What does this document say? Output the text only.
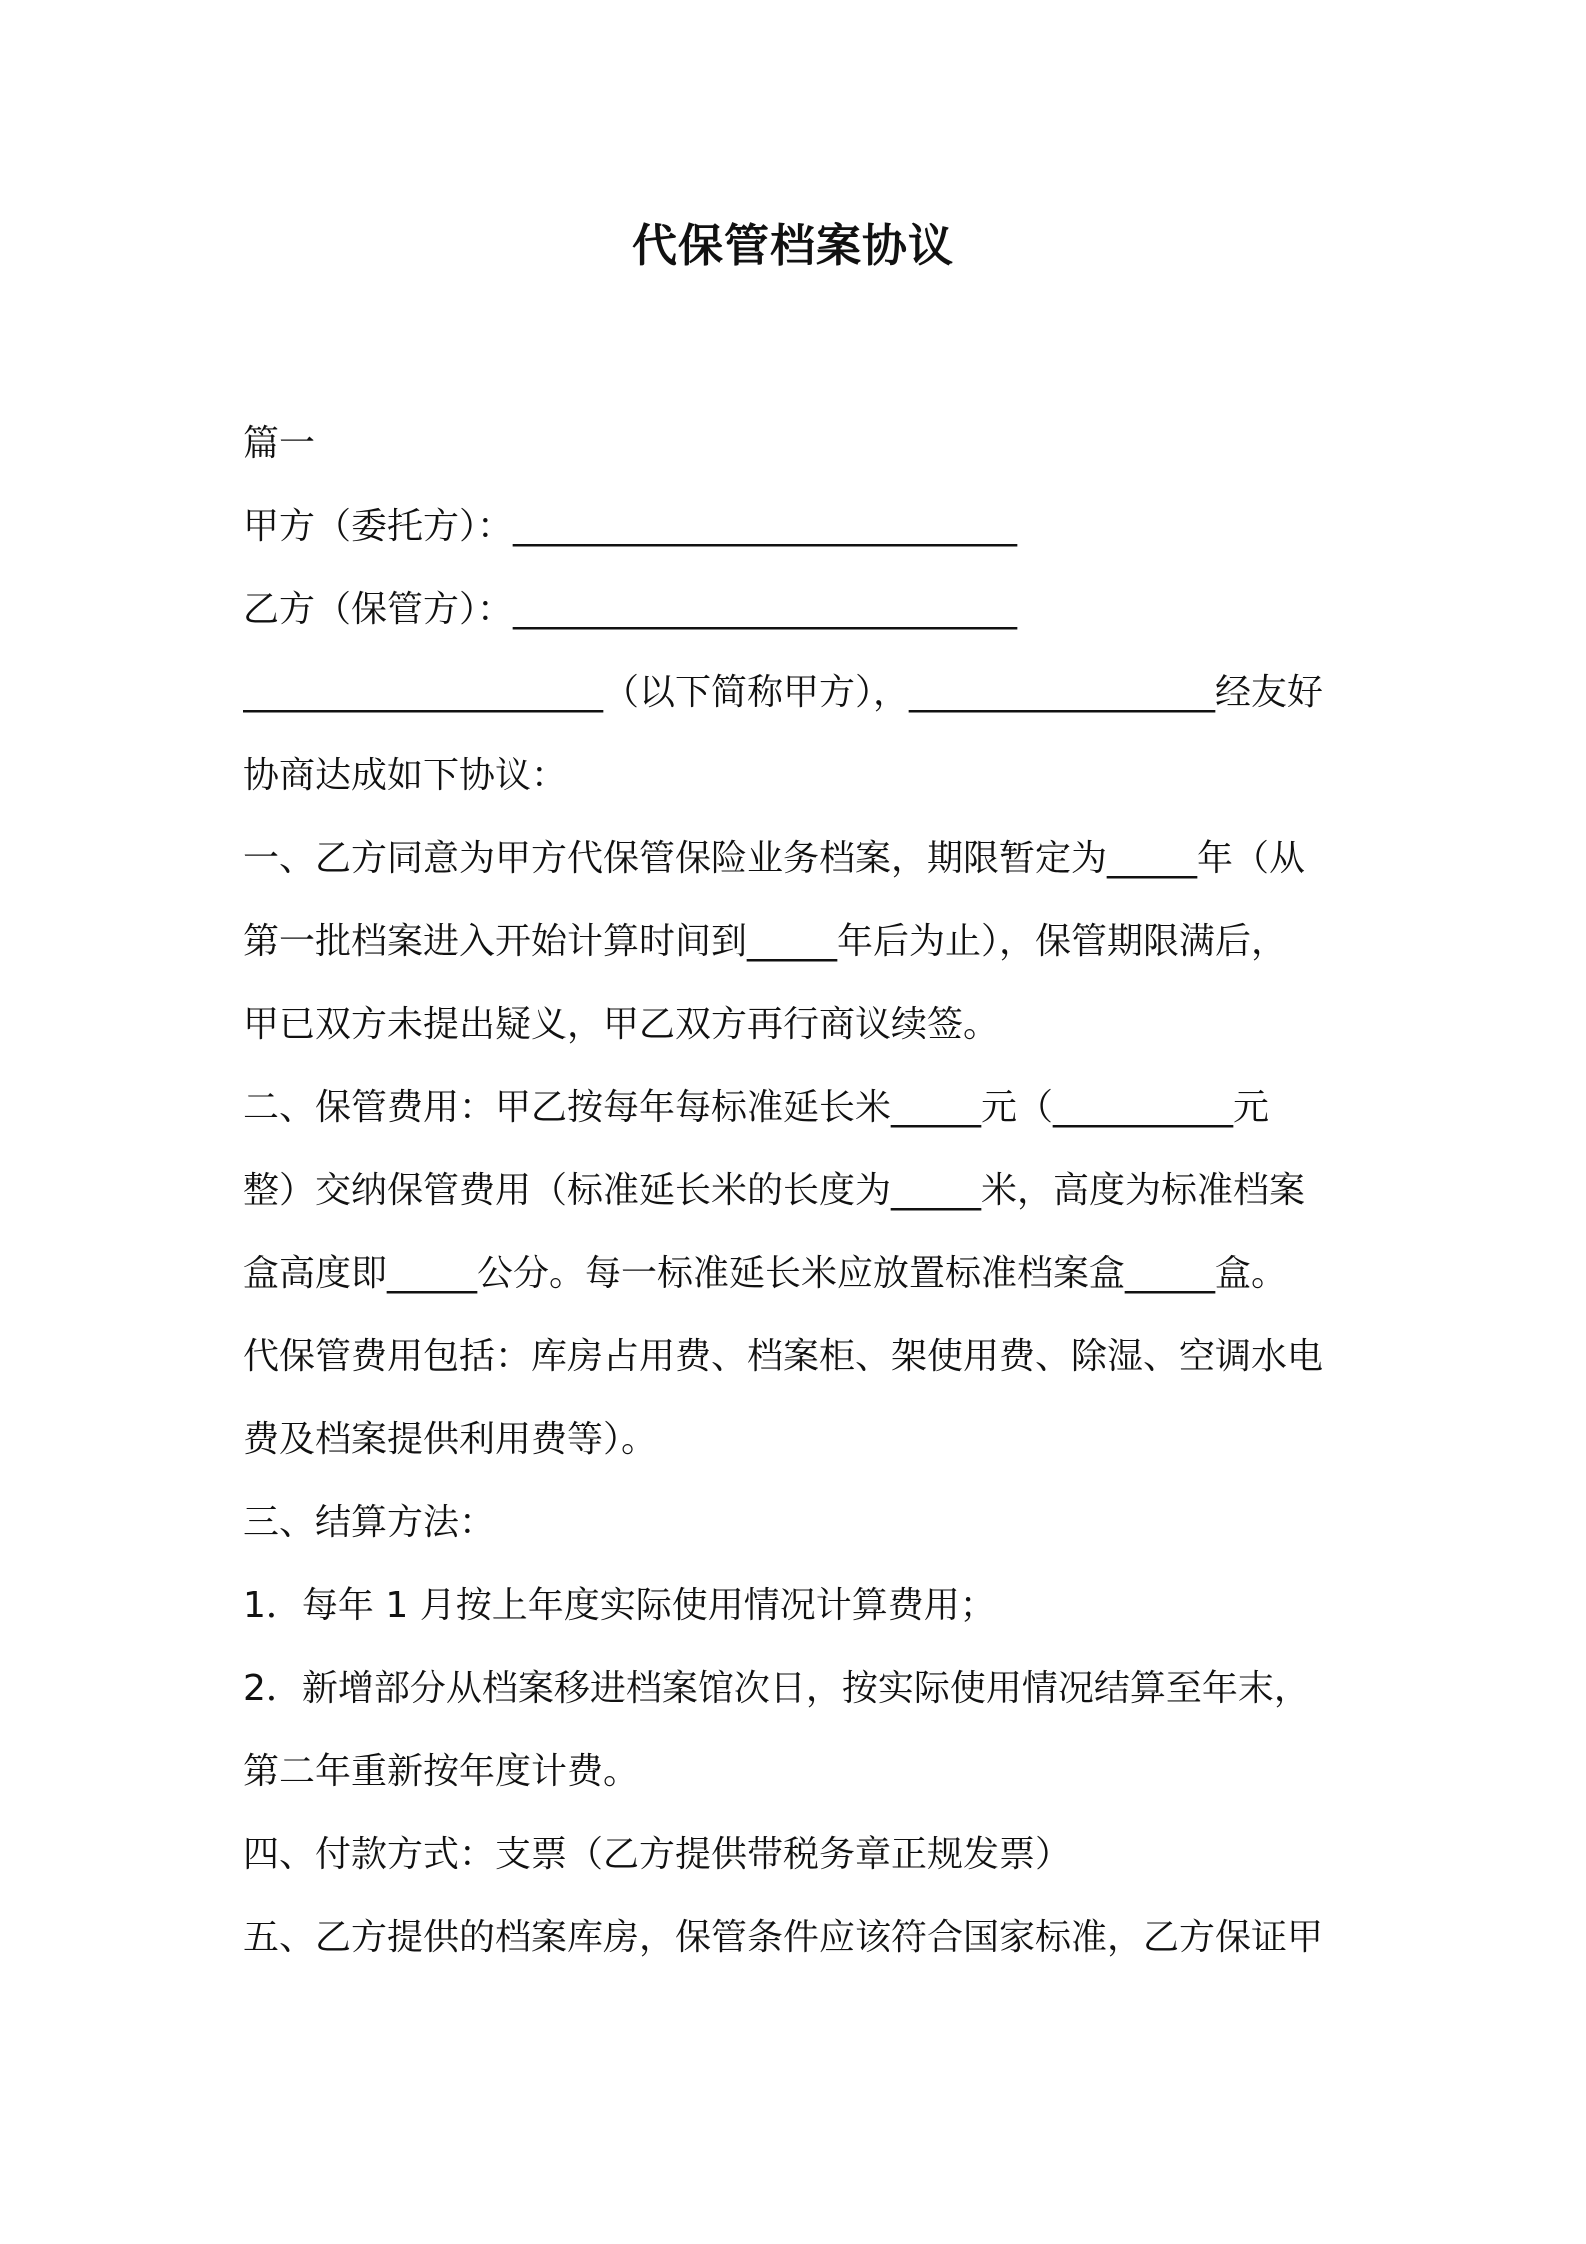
代保管档案协议
篇一
甲方（委托方）：____________________________
乙方（保管方）：____________________________
____________________（以下简称甲方），_________________经友好
协商达成如下协议：
一、乙方同意为甲方代保管保险业务档案，期限暂定为_____年（从
第一批档案进入开始计算时间到_____年后为止），保管期限满后，
甲已双方未提出疑义，甲乙双方再行商议续签。
二、保管费用：甲乙按每年每标准延长米_____元（__________元
整）交纳保管费用（标准延长米的长度为_____米，高度为标准档案
盒高度即_____公分。每一标准延长米应放置标准档案盒_____盒。
代保管费用包括：库房占用费、档案柜、架使用费、除湿、空调水电
费及档案提供利用费等）。
三、结算方法：
1．每年 1 月按上年度实际使用情况计算费用；
2．新增部分从档案移进档案馆次日，按实际使用情况结算至年末，
第二年重新按年度计费。
四、付款方式：支票（乙方提供带税务章正规发票）
五、乙方提供的档案库房，保管条件应该符合国家标准，乙方保证甲
